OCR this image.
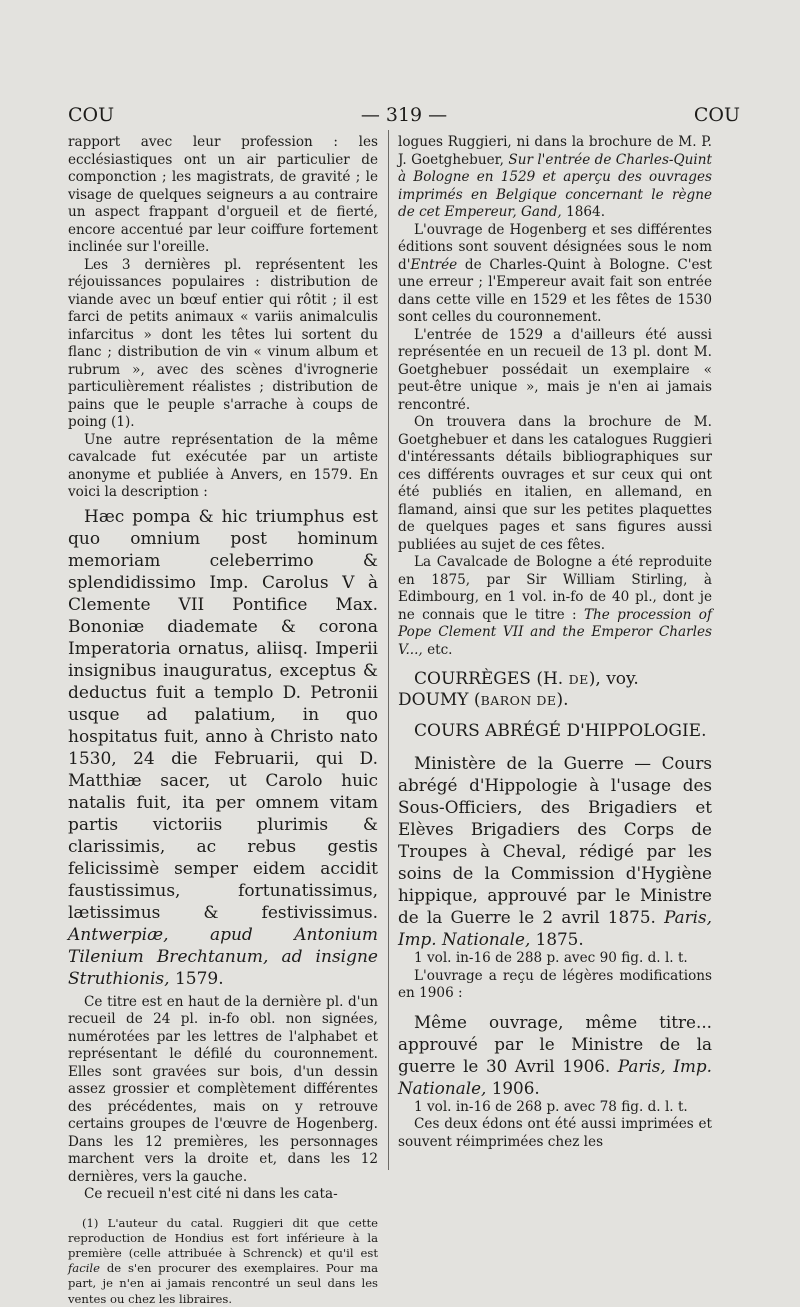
COU	— 319 —	COU

rapport avec leur profession : les ecclésiastiques ont un air particulier de componction ; les magistrats, de gravité ; le visage de quelques seigneurs a au contraire un aspect frappant d'orgueil et de fierté, encore accentué par leur coiffure fortement inclinée sur l'oreille.

Les 3 dernières pl. représentent les réjouissances populaires : distribution de viande avec un bœuf entier qui rôtit ; il est farci de petits animaux « variis animalculis infarcitus » dont les têtes lui sortent du flanc ; distribution de vin « vinum album et rubrum », avec des scènes d'ivrognerie particulièrement réalistes ; distribution de pains que le peuple s'arrache à coups de poing (1).

Une autre représentation de la même cavalcade fut exécutée par un artiste anonyme et publiée à Anvers, en 1579. En voici la description :

Hæc pompa & hic triumphus est quo omnium post hominum memoriam celeberrimo & splendidissimo Imp. Carolus V à Clemente VII Pontifice Max. Bononiæ diademate & corona Imperatoria ornatus, aliisq. Imperii insignibus inauguratus, exceptus & deductus fuit a templo D. Petronii usque ad palatium, in quo hospitatus fuit, anno à Christo nato 1530, 24 die Februarii, qui D. Matthiæ sacer, ut Carolo huic natalis fuit, ita per omnem vitam partis victoriis plurimis & clarissimis, ac rebus gestis felicissimè semper eidem accidit faustissimus, fortunatissimus, lætissimus & festivissimus. Antwerpiæ, apud Antonium Tilenium Brechtanum, ad insigne Struthionis, 1579.

Ce titre est en haut de la dernière pl. d'un recueil de 24 pl. in-fo obl. non signées, numérotées par les lettres de l'alphabet et représentant le défilé du couronnement. Elles sont gravées sur bois, d'un dessin assez grossier et complètement différentes des précédentes, mais on y retrouve certains groupes de l'œuvre de Hogenberg. Dans les 12 premières, les personnages marchent vers la droite et, dans les 12 dernières, vers la gauche.

Ce recueil n'est cité ni dans les cata-

(1) L'auteur du catal. Ruggieri dit que cette reproduction de Hondius est fort inférieure à la première (celle attribuée à Schrenck) et qu'il est facile de s'en procurer des exemplaires. Pour ma part, je n'en ai jamais rencontré un seul dans les ventes ou chez les libraires.

logues Ruggieri, ni dans la brochure de M. P. J. Goetghebuer, Sur l'entrée de Charles-Quint à Bologne en 1529 et aperçu des ouvrages imprimés en Belgique concernant le règne de cet Empereur, Gand, 1864.

L'ouvrage de Hogenberg et ses différentes éditions sont souvent désignées sous le nom d'Entrée de Charles-Quint à Bologne. C'est une erreur ; l'Empereur avait fait son entrée dans cette ville en 1529 et les fêtes de 1530 sont celles du couronnement.

L'entrée de 1529 a d'ailleurs été aussi représentée en un recueil de 13 pl. dont M. Goetghebuer possédait un exemplaire « peut-être unique », mais je n'en ai jamais rencontré.

On trouvera dans la brochure de M. Goetghebuer et dans les catalogues Ruggieri d'intéressants détails bibliographiques sur ces différents ouvrages et sur ceux qui ont été publiés en italien, en allemand, en flamand, ainsi que sur les petites plaquettes de quelques pages et sans figures aussi publiées au sujet de ces fêtes.

La Cavalcade de Bologne a été reproduite en 1875, par Sir William Stirling, à Edimbourg, en 1 vol. in-fo de 40 pl., dont je ne connais que le titre : The procession of Pope Clement VII and the Emperor Charles V..., etc.

COURRÈGES (H. DE), voy. DOUMY (BARON DE).

COURS ABRÉGÉ D'HIPPOLOGIE.

Ministère de la Guerre — Cours abrégé d'Hippologie à l'usage des Sous-Officiers, des Brigadiers et Elèves Brigadiers des Corps de Troupes à Cheval, rédigé par les soins de la Commission d'Hygiène hippique, approuvé par le Ministre de la Guerre le 2 avril 1875. Paris, Imp. Nationale, 1875.

1 vol. in-16 de 288 p. avec 90 fig. d. l. t.

L'ouvrage a reçu de légères modifications en 1906 :

Même ouvrage, même titre... approuvé par le Ministre de la guerre le 30 Avril 1906. Paris, Imp. Nationale, 1906.

1 vol. in-16 de 268 p. avec 78 fig. d. l. t.

Ces deux édons ont été aussi imprimées et souvent réimprimées chez les
